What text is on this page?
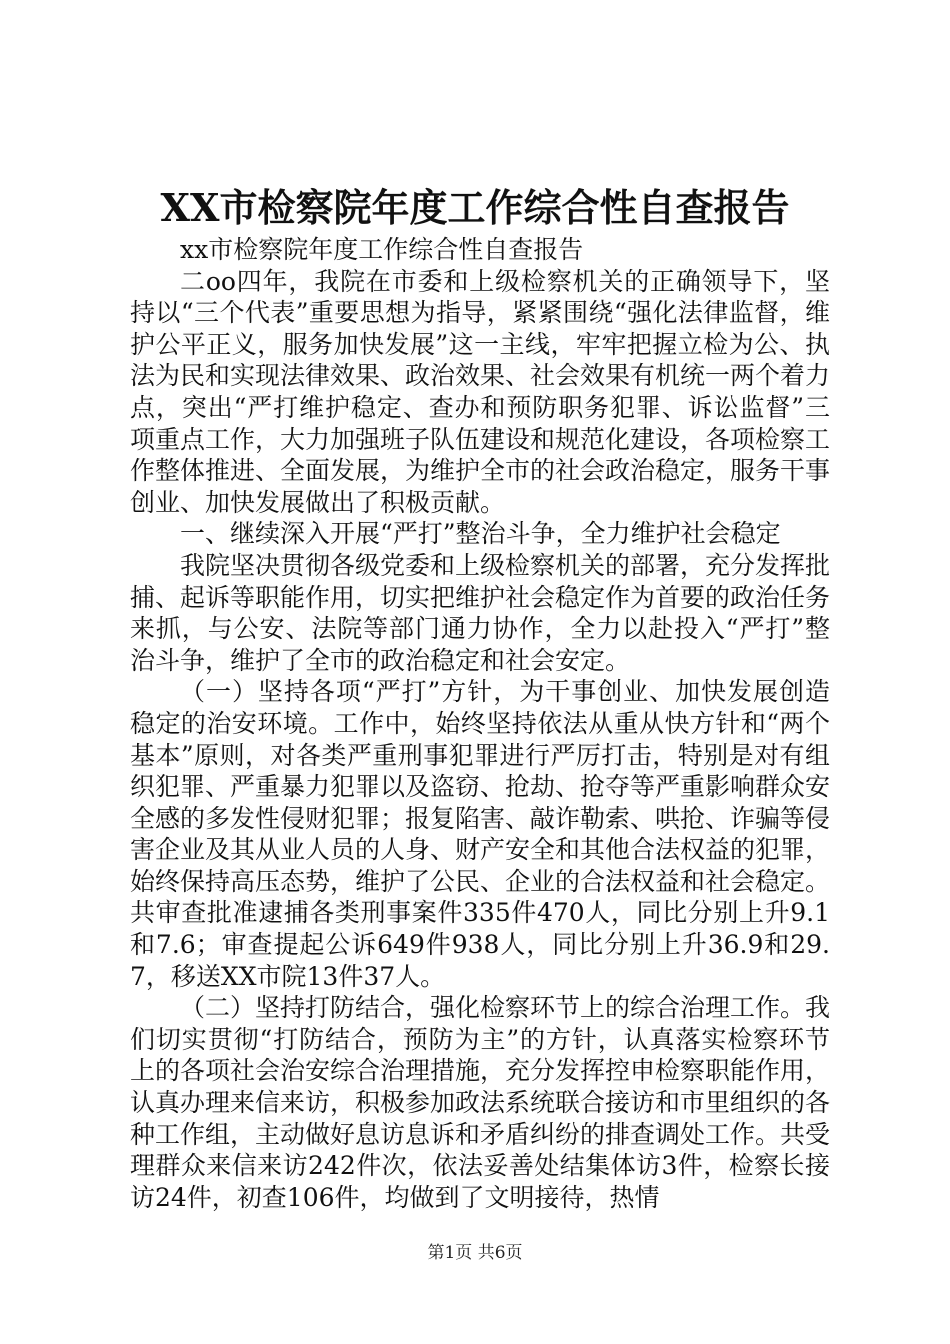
XX市检察院年度工作综合性自查报告

xx市检察院年度工作综合性自查报告

二oo四年，我院在市委和上级检察机关的正确领导下，坚持以“三个代表”重要思想为指导，紧紧围绕“强化法律监督，维护公平正义，服务加快发展”这一主线，牢牢把握立检为公、执法为民和实现法律效果、政治效果、社会效果有机统一两个着力点，突出“严打维护稳定、查办和预防职务犯罪、诉讼监督”三项重点工作，大力加强班子队伍建设和规范化建设，各项检察工作整体推进、全面发展，为维护全市的社会政治稳定，服务干事创业、加快发展做出了积极贡献。

一、继续深入开展“严打”整治斗争，全力维护社会稳定

我院坚决贯彻各级党委和上级检察机关的部署，充分发挥批捕、起诉等职能作用，切实把维护社会稳定作为首要的政治任务来抓，与公安、法院等部门通力协作，全力以赴投入“严打”整治斗争，维护了全市的政治稳定和社会安定。

（一）坚持各项“严打”方针，为干事创业、加快发展创造稳定的治安环境。工作中，始终坚持依法从重从快方针和“两个基本”原则，对各类严重刑事犯罪进行严厉打击，特别是对有组织犯罪、严重暴力犯罪以及盗窃、抢劫、抢夺等严重影响群众安全感的多发性侵财犯罪；报复陷害、敲诈勒索、哄抢、诈骗等侵害企业及其从业人员的人身、财产安全和其他合法权益的犯罪，始终保持高压态势，维护了公民、企业的合法权益和社会稳定。共审查批准逮捕各类刑事案件335件470人，同比分别上升9.1和7.6；审查提起公诉649件938人，同比分别上升36.9和29.7，移送XX市院13件37人。

（二）坚持打防结合，强化检察环节上的综合治理工作。我们切实贯彻“打防结合，预防为主”的方针，认真落实检察环节上的各项社会治安综合治理措施，充分发挥控申检察职能作用，认真办理来信来访，积极参加政法系统联合接访和市里组织的各种工作组，主动做好息访息诉和矛盾纠纷的排查调处工作。共受理群众来信来访242件次，依法妥善处结集体访3件，检察长接访24件，初查106件，均做到了文明接待，热情

第1页 共6页
